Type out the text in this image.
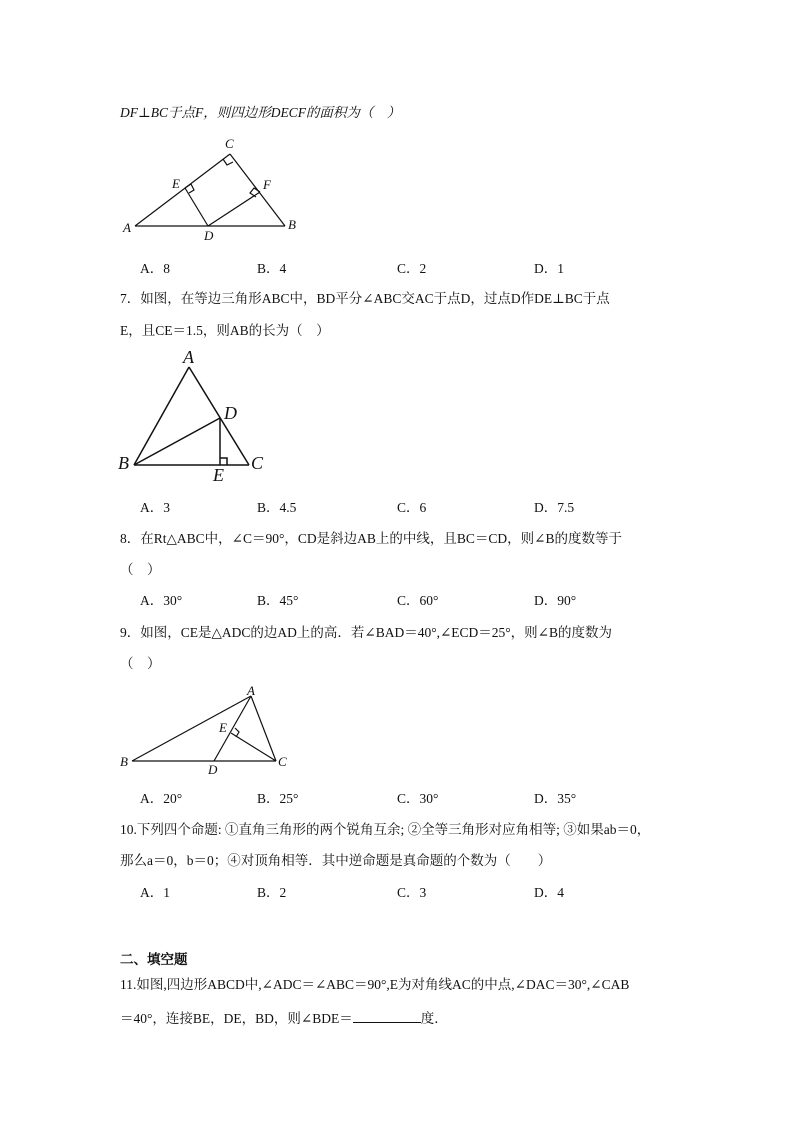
DF⊥BC于点F，则四边形DECF的面积为（　）
C
E	F
A
D
B
A．8	B．4	C．2	D．1
7．如图，在等边三角形ABC中，BD平分∠ABC交AC于点D，过点D作DE⊥BC于点
E，且CE＝1.5，则AB的长为（　）
A
D
B	C
E
A．3	B．4.5	C．6	D．7.5
8．在Rt△ABC中，∠C＝90°，CD是斜边AB上的中线，且BC＝CD，则∠B的度数等于
（　）
A．30°	B．45°	C．60°	D．90°
9．如图，CE是△ADC的边AD上的高．若∠BAD＝40°,∠ECD＝25°，则∠B的度数为
（　）
A
E
B
D
C
A．20°	B．25°	C．30°	D．35°
10.下列四个命题: ①直角三角形的两个锐角互余; ②全等三角形对应角相等; ③如果ab＝0，
那么a＝0，b＝0；④对顶角相等．其中逆命题是真命题的个数为（　　）
A．1	B．2	C．3	D．4
二、填空题
11.如图,四边形ABCD中,∠ADC＝∠ABC＝90°,E为对角线AC的中点,∠DAC＝30°,∠CAB
＝40°，连接BE，DE，BD，则∠BDE＝	度．
